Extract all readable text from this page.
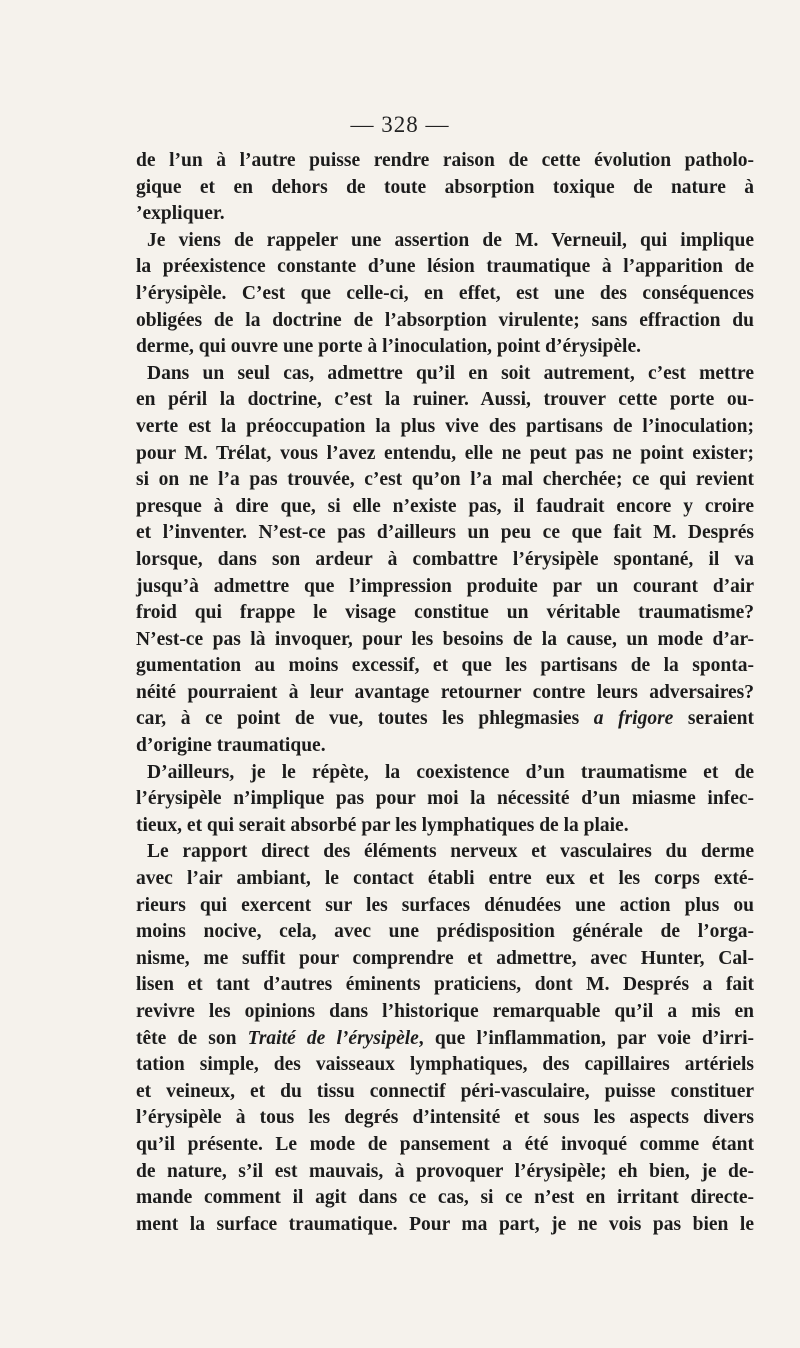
— 328 —
de l’un à l’autre puisse rendre raison de cette évolution patholo-
gique et en dehors de toute absorption toxique de nature à
’expliquer.
Je viens de rappeler une assertion de M. Verneuil, qui implique
la préexistence constante d’une lésion traumatique à l’apparition de
l’érysipèle. C’est que celle-ci, en effet, est une des conséquences
obligées de la doctrine de l’absorption virulente; sans effraction du
derme, qui ouvre une porte à l’inoculation, point d’érysipèle.
Dans un seul cas, admettre qu’il en soit autrement, c’est mettre
en péril la doctrine, c’est la ruiner. Aussi, trouver cette porte ou-
verte est la préoccupation la plus vive des partisans de l’inoculation;
pour M. Trélat, vous l’avez entendu, elle ne peut pas ne point exister;
si on ne l’a pas trouvée, c’est qu’on l’a mal cherchée; ce qui revient
presque à dire que, si elle n’existe pas, il faudrait encore y croire
et l’inventer. N’est-ce pas d’ailleurs un peu ce que fait M. Després
lorsque, dans son ardeur à combattre l’érysipèle spontané, il va
jusqu’à admettre que l’impression produite par un courant d’air
froid qui frappe le visage constitue un véritable traumatisme?
N’est-ce pas là invoquer, pour les besoins de la cause, un mode d’ar-
gumentation au moins excessif, et que les partisans de la sponta-
néité pourraient à leur avantage retourner contre leurs adversaires?
car, à ce point de vue, toutes les phlegmasies a frigore seraient
d’origine traumatique.
D’ailleurs, je le répète, la coexistence d’un traumatisme et de
l’érysipèle n’implique pas pour moi la nécessité d’un miasme infec-
tieux, et qui serait absorbé par les lymphatiques de la plaie.
Le rapport direct des éléments nerveux et vasculaires du derme
avec l’air ambiant, le contact établi entre eux et les corps exté-
rieurs qui exercent sur les surfaces dénudées une action plus ou
moins nocive, cela, avec une prédisposition générale de l’orga-
nisme, me suffit pour comprendre et admettre, avec Hunter, Cal-
lisen et tant d’autres éminents praticiens, dont M. Després a fait
revivre les opinions dans l’historique remarquable qu’il a mis en
tête de son Traité de l’érysipèle, que l’inflammation, par voie d’irri-
tation simple, des vaisseaux lymphatiques, des capillaires artériels
et veineux, et du tissu connectif péri-vasculaire, puisse constituer
l’érysipèle à tous les degrés d’intensité et sous les aspects divers
qu’il présente. Le mode de pansement a été invoqué comme étant
de nature, s’il est mauvais, à provoquer l’érysipèle; eh bien, je de-
mande comment il agit dans ce cas, si ce n’est en irritant directe-
ment la surface traumatique. Pour ma part, je ne vois pas bien le
